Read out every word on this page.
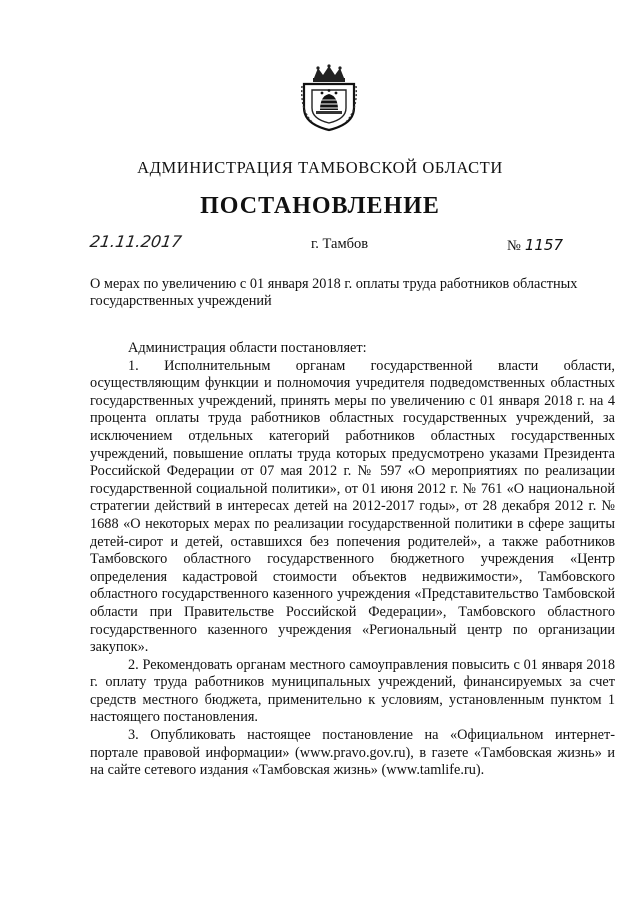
АДМИНИСТРАЦИЯ ТАМБОВСКОЙ ОБЛАСТИ
ПОСТАНОВЛЕНИЕ
21.11.2017	г. Тамбов	№ 1157
О мерах по увеличению с 01 января 2018 г. оплаты труда работников областных государственных учреждений

Администрация области постановляет:

1. Исполнительным органам государственной власти области, осуществляющим функции и полномочия учредителя подведомственных областных государственных учреждений, принять меры по увеличению с 01 января 2018 г. на 4 процента оплаты труда работников областных государственных учреждений, за исключением отдельных категорий работников областных государственных учреждений, повышение оплаты труда которых предусмотрено указами Президента Российской Федерации от 07 мая 2012 г. № 597 «О мероприятиях по реализации государственной социальной политики», от 01 июня 2012 г. № 761 «О национальной стратегии действий в интересах детей на 2012-2017 годы», от 28 декабря 2012 г. № 1688 «О некоторых мерах по реализации государственной политики в сфере защиты детей-сирот и детей, оставшихся без попечения родителей», а также работников Тамбовского областного государственного бюджетного учреждения «Центр определения кадастровой стоимости объектов недвижимости», Тамбовского областного государственного казенного учреждения «Представительство Тамбовской области при Правительстве Российской Федерации», Тамбовского областного государственного казенного учреждения «Региональный центр по организации закупок».

2. Рекомендовать органам местного самоуправления повысить с 01 января 2018 г. оплату труда работников муниципальных учреждений, финансируемых за счет средств местного бюджета, применительно к условиям, установленным пунктом 1 настоящего постановления.

3. Опубликовать настоящее постановление на «Официальном интернет-портале правовой информации» (www.pravo.gov.ru), в газете «Тамбовская жизнь» и на сайте сетевого издания «Тамбовская жизнь» (www.tamlife.ru).
